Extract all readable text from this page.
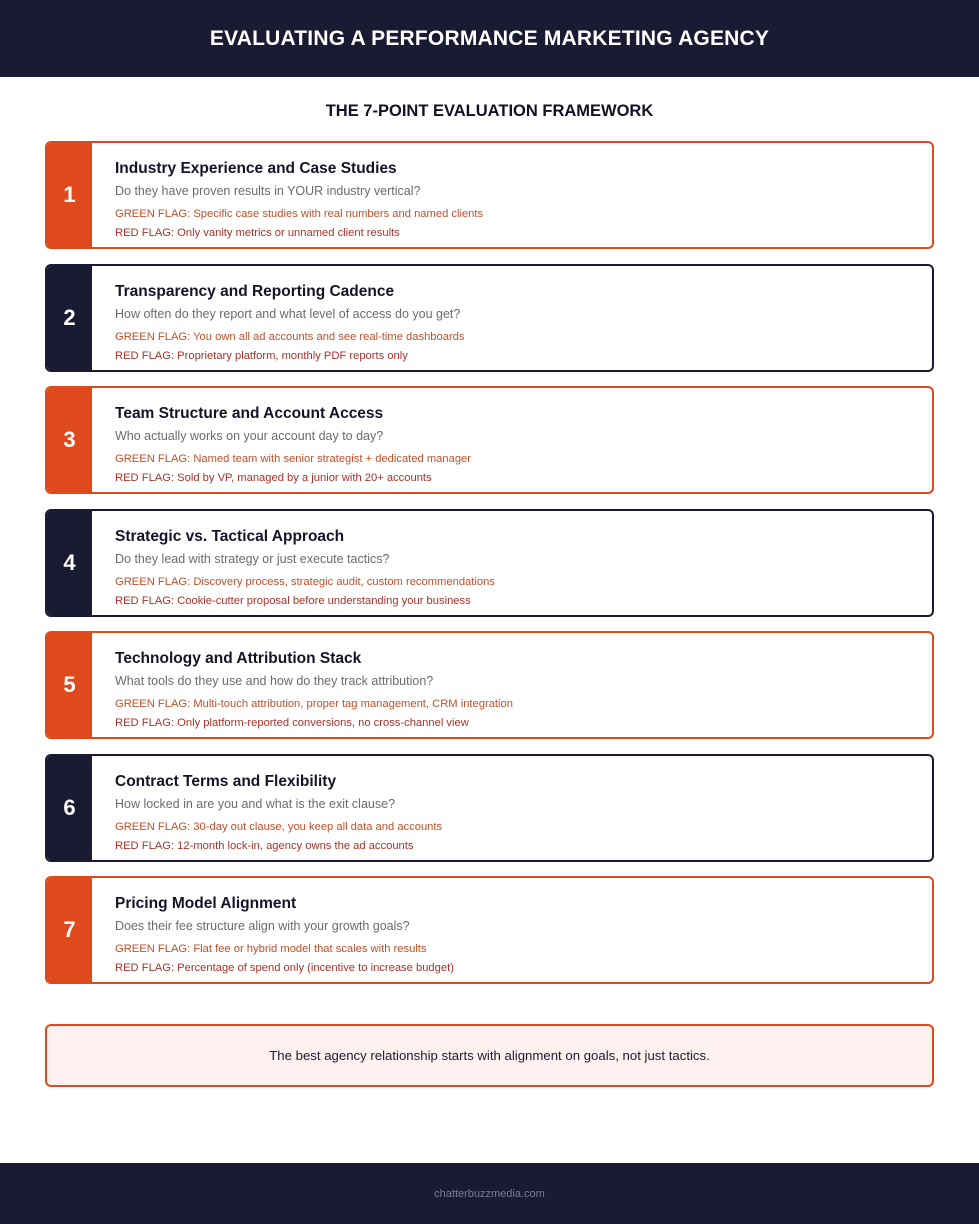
EVALUATING A PERFORMANCE MARKETING AGENCY
THE 7-POINT EVALUATION FRAMEWORK
1
Industry Experience and Case Studies
Do they have proven results in YOUR industry vertical?
GREEN FLAG: Specific case studies with real numbers and named clients
RED FLAG: Only vanity metrics or unnamed client results
2
Transparency and Reporting Cadence
How often do they report and what level of access do you get?
GREEN FLAG: You own all ad accounts and see real-time dashboards
RED FLAG: Proprietary platform, monthly PDF reports only
3
Team Structure and Account Access
Who actually works on your account day to day?
GREEN FLAG: Named team with senior strategist + dedicated manager
RED FLAG: Sold by VP, managed by a junior with 20+ accounts
4
Strategic vs. Tactical Approach
Do they lead with strategy or just execute tactics?
GREEN FLAG: Discovery process, strategic audit, custom recommendations
RED FLAG: Cookie-cutter proposal before understanding your business
5
Technology and Attribution Stack
What tools do they use and how do they track attribution?
GREEN FLAG: Multi-touch attribution, proper tag management, CRM integration
RED FLAG: Only platform-reported conversions, no cross-channel view
6
Contract Terms and Flexibility
How locked in are you and what is the exit clause?
GREEN FLAG: 30-day out clause, you keep all data and accounts
RED FLAG: 12-month lock-in, agency owns the ad accounts
7
Pricing Model Alignment
Does their fee structure align with your growth goals?
GREEN FLAG: Flat fee or hybrid model that scales with results
RED FLAG: Percentage of spend only (incentive to increase budget)
The best agency relationship starts with alignment on goals, not just tactics.
chatterbuzzmedia.com
